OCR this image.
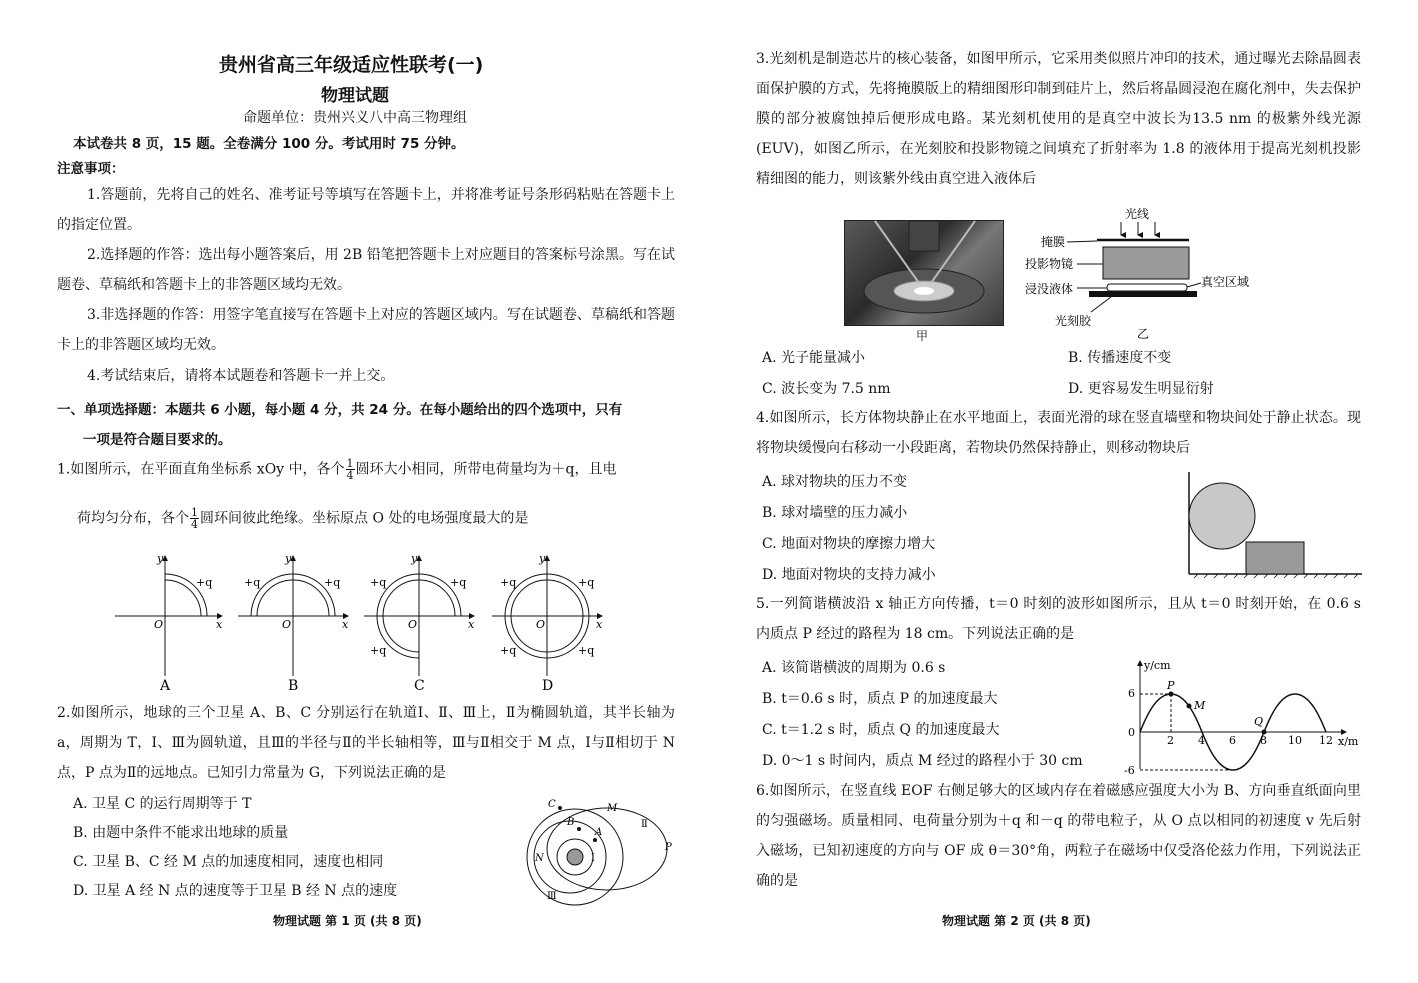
贵州省高三年级适应性联考(一)
物理试题
命题单位：贵州兴义八中高三物理组
本试卷共 8 页，15 题。全卷满分 100 分。考试用时 75 分钟。
注意事项：
1.答题前，先将自己的姓名、准考证号等填写在答题卡上，并将准考证号条形码粘贴在答题卡上的指定位置。
2.选择题的作答：选出每小题答案后，用 2B 铅笔把答题卡上对应题目的答案标号涂黑。写在试题卷、草稿纸和答题卡上的非答题区域均无效。
3.非选择题的作答：用签字笔直接写在答题卡上对应的答题区域内。写在试题卷、草稿纸和答题卡上的非答题区域均无效。
4.考试结束后，请将本试题卷和答题卡一并上交。
一、单项选择题：本题共 6 小题，每小题 4 分，共 24 分。在每小题给出的四个选项中，只有
一项是符合题目要求的。
1.如图所示，在平面直角坐标系 xOy 中，各个 $\frac{1}{4}$ 圆环大小相同，所带电荷量均为＋q，且电
荷均匀分布，各个 $\frac{1}{4}$ 圆环间彼此绝缘。坐标原点 O 处的电场强度最大的是
y
x
O
+q
A
y
x
O
+q	+q
B
y
x
O
+q	+q
+q
C
y
x
O
+q	+q
+q	+q
D
2.如图所示，地球的三个卫星 A、B、C 分别运行在轨道Ⅰ、Ⅱ、Ⅲ上，Ⅱ为椭圆轨道，其半长轴为 a，周期为 T，Ⅰ、Ⅲ为圆轨道，且Ⅲ的半径与Ⅱ的半长轴相等，Ⅲ与Ⅱ相交于 M 点，Ⅰ与Ⅱ相切于 N 点，P 点为Ⅱ的远地点。已知引力常量为 G，下列说法正确的是
A. 卫星 C 的运行周期等于 T
B. 由题中条件不能求出地球的质量
C. 卫星 B、C 经 M 点的加速度相同，速度也相同
D. 卫星 A 经 N 点的速度等于卫星 B 经 N 点的速度
C	M
B
A
N	Ⅰ
Ⅱ
Ⅲ
P
物理试题 第 1 页 (共 8 页)
3.光刻机是制造芯片的核心装备，如图甲所示，它采用类似照片冲印的技术，通过曝光去除晶圆表面保护膜的方式，先将掩膜版上的精细图形印制到硅片上，然后将晶圆浸泡在腐化剂中，失去保护膜的部分被腐蚀掉后便形成电路。某光刻机使用的是真空中波长为13.5 nm 的极紫外线光源(EUV)，如图乙所示，在光刻胶和投影物镜之间填充了折射率为 1.8 的液体用于提高光刻机投影精细图的能力，则该紫外线由真空进入液体后
甲
光线
掩膜
投影物镜
浸没液体	真空区域
光刻胶
乙
A. 光子能量减小	B. 传播速度不变
C. 波长变为 7.5 nm	D. 更容易发生明显衍射
4.如图所示，长方体物块静止在水平地面上，表面光滑的球在竖直墙壁和物块间处于静止状态。现将物块缓慢向右移动一小段距离，若物块仍然保持静止，则移动物块后
A. 球对物块的压力不变
B. 球对墙壁的压力减小
C. 地面对物块的摩擦力增大
D. 地面对物块的支持力减小
5.一列简谐横波沿 x 轴正方向传播，t＝0 时刻的波形如图所示，且从 t＝0 时刻开始，在 0.6 s 内质点 P 经过的路程为 18 cm。下列说法正确的是
A. 该简谐横波的周期为 0.6 s
B. t＝0.6 s 时，质点 P 的加速度最大
C. t＝1.2 s 时，质点 Q 的加速度最大
D. 0～1 s 时间内，质点 M 经过的路程小于 30 cm
y/cm
x/m
P
M
Q
6
0
-6
2 4 6 8 10 12
6.如图所示，在竖直线 EOF 右侧足够大的区域内存在着磁感应强度大小为 B、方向垂直纸面向里的匀强磁场。质量相同、电荷量分别为＋q 和－q 的带电粒子，从 O 点以相同的初速度 v 先后射入磁场，已知初速度的方向与 OF 成 θ＝30°角，两粒子在磁场中仅受洛伦兹力作用，下列说法正确的是
物理试题 第 2 页 (共 8 页)
